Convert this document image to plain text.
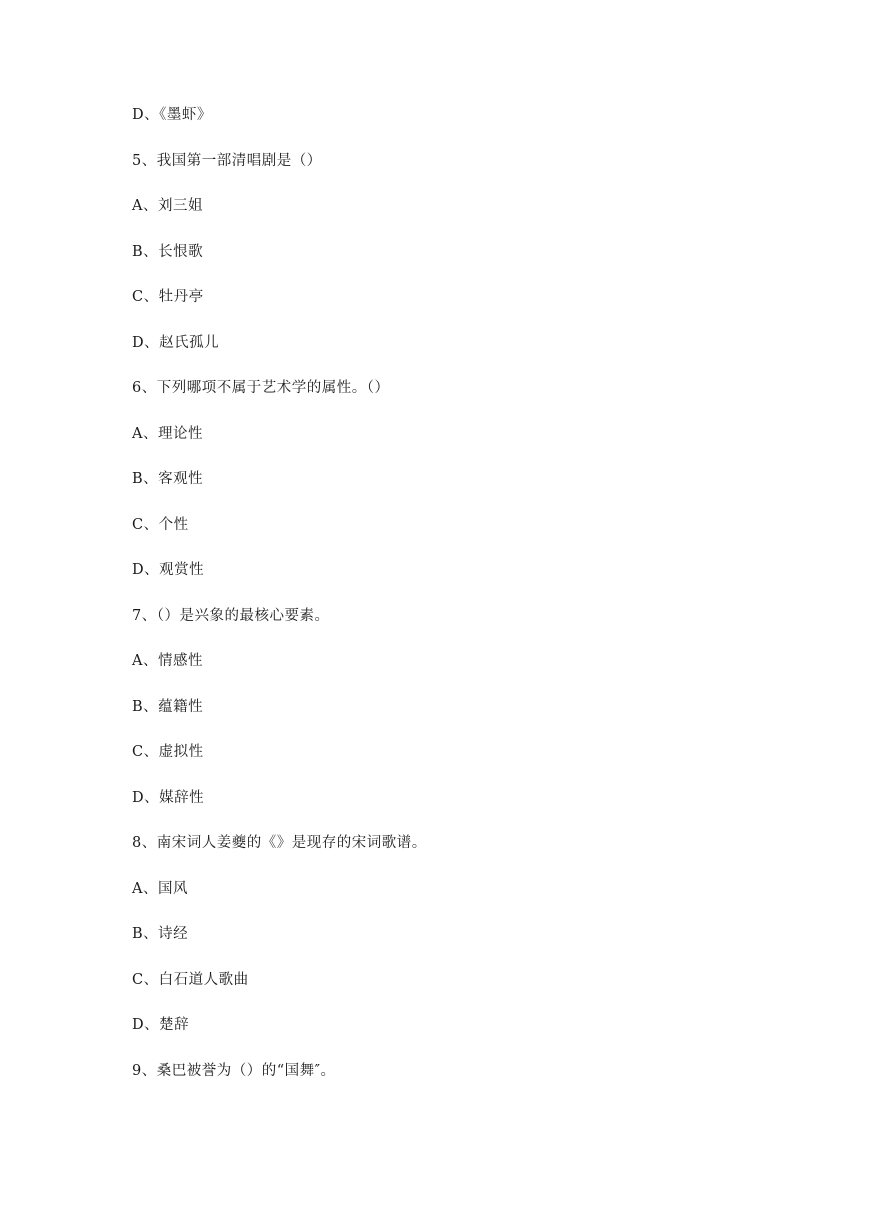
D、《墨虾》
5、我国第一部清唱剧是（）
A、刘三姐
B、长恨歌
C、牡丹亭
D、赵氏孤儿
6、下列哪项不属于艺术学的属性。（）
A、理论性
B、客观性
C、个性
D、观赏性
7、（）是兴象的最核心要素。
A、情感性
B、蕴籍性
C、虚拟性
D、媒辞性
8、南宋词人姜夔的《》是现存的宋词歌谱。
A、国风
B、诗经
C、白石道人歌曲
D、楚辞
9、桑巴被誉为（）的“国舞″。
